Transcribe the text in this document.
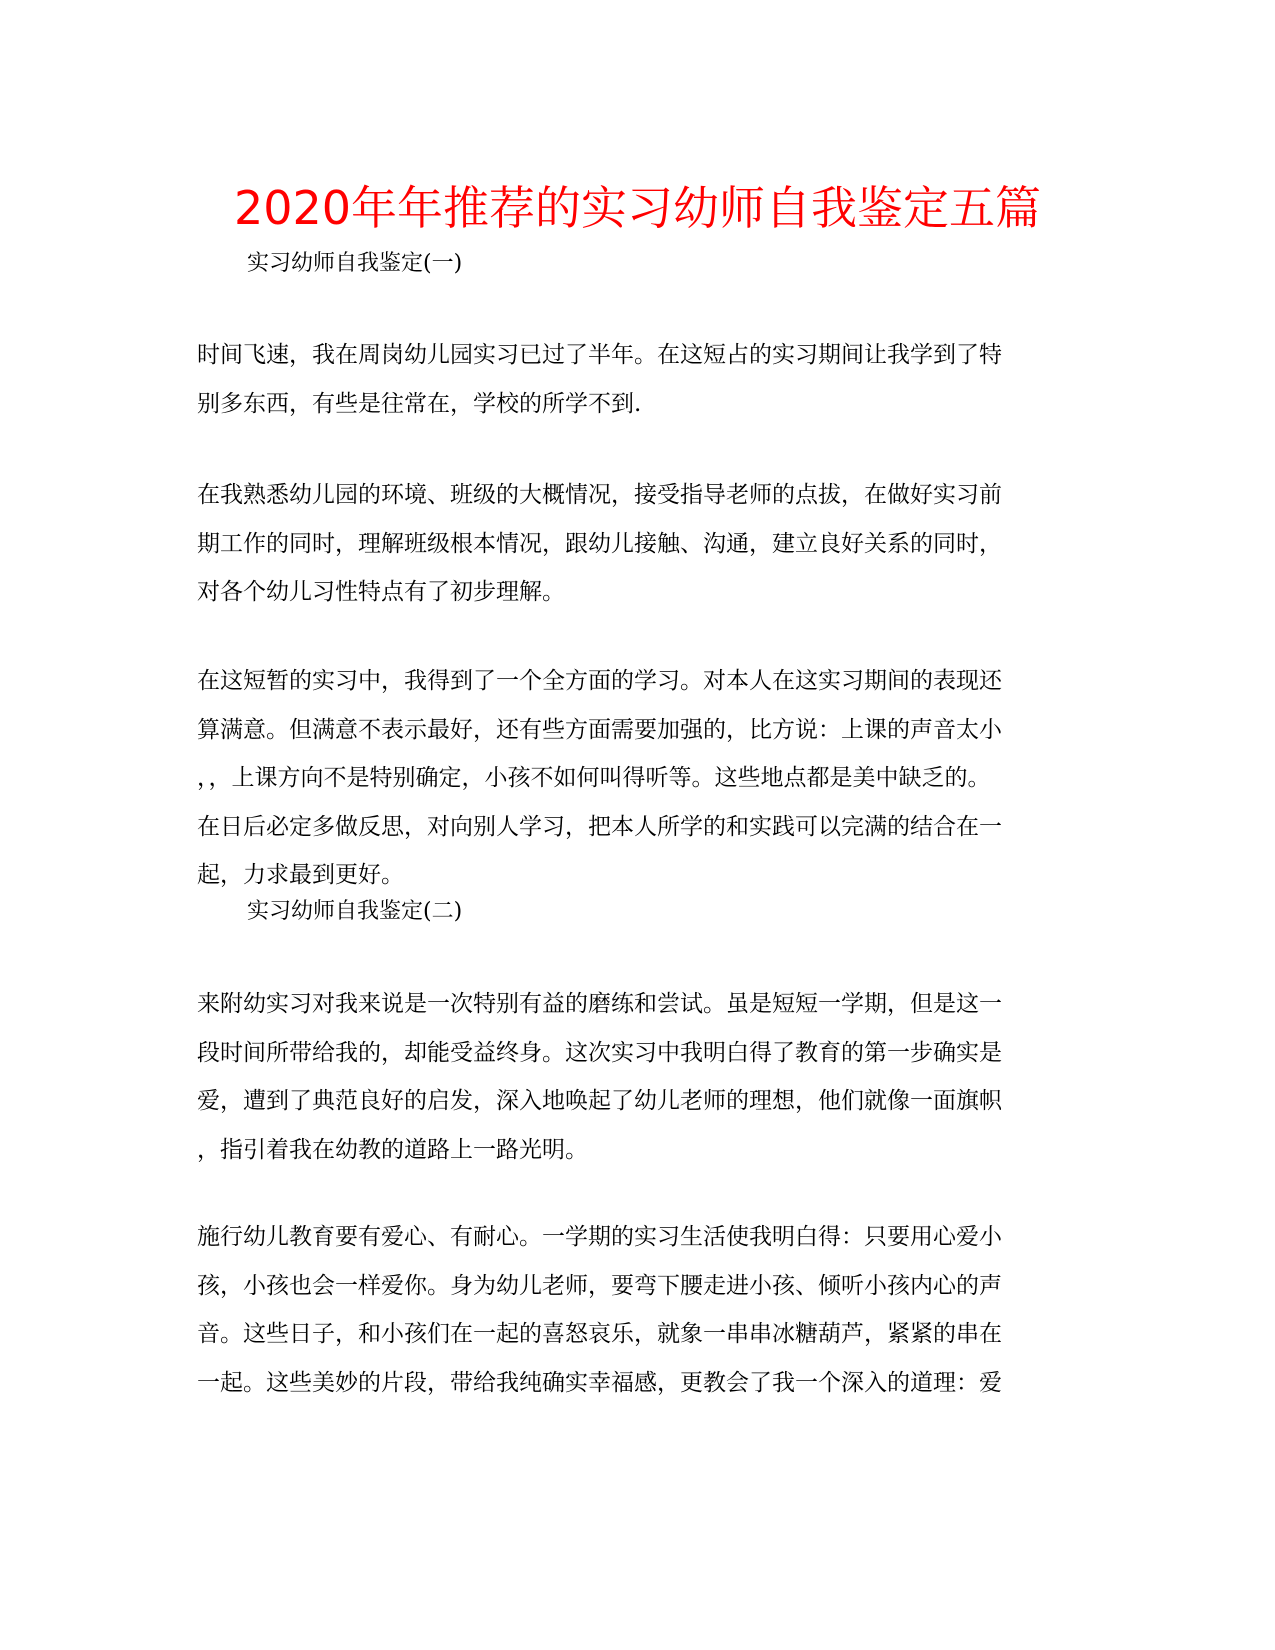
2020年年推荐的实习幼师自我鉴定五篇
实习幼师自我鉴定(一)
时间飞速，我在周岗幼儿园实习已过了半年。在这短占的实习期间让我学到了特
别多东西，有些是往常在，学校的所学不到.
在我熟悉幼儿园的环境、班级的大概情况，接受指导老师的点拔，在做好实习前
期工作的同时，理解班级根本情况，跟幼儿接触、沟通，建立良好关系的同时，
对各个幼儿习性特点有了初步理解。
在这短暂的实习中，我得到了一个全方面的学习。对本人在这实习期间的表现还
算满意。但满意不表示最好，还有些方面需要加强的，比方说：上课的声音太小
，，上课方向不是特别确定，小孩不如何叫得听等。这些地点都是美中缺乏的。
在日后必定多做反思，对向别人学习，把本人所学的和实践可以完满的结合在一
起，力求最到更好。
实习幼师自我鉴定(二)
来附幼实习对我来说是一次特别有益的磨练和尝试。虽是短短一学期，但是这一
段时间所带给我的，却能受益终身。这次实习中我明白得了教育的第一步确实是
爱，遭到了典范良好的启发，深入地唤起了幼儿老师的理想，他们就像一面旗帜
，指引着我在幼教的道路上一路光明。
施行幼儿教育要有爱心、有耐心。一学期的实习生活使我明白得：只要用心爱小
孩，小孩也会一样爱你。身为幼儿老师，要弯下腰走进小孩、倾听小孩内心的声
音。这些日子，和小孩们在一起的喜怒哀乐，就象一串串冰糖葫芦，紧紧的串在
一起。这些美妙的片段，带给我纯确实幸福感，更教会了我一个深入的道理：爱
